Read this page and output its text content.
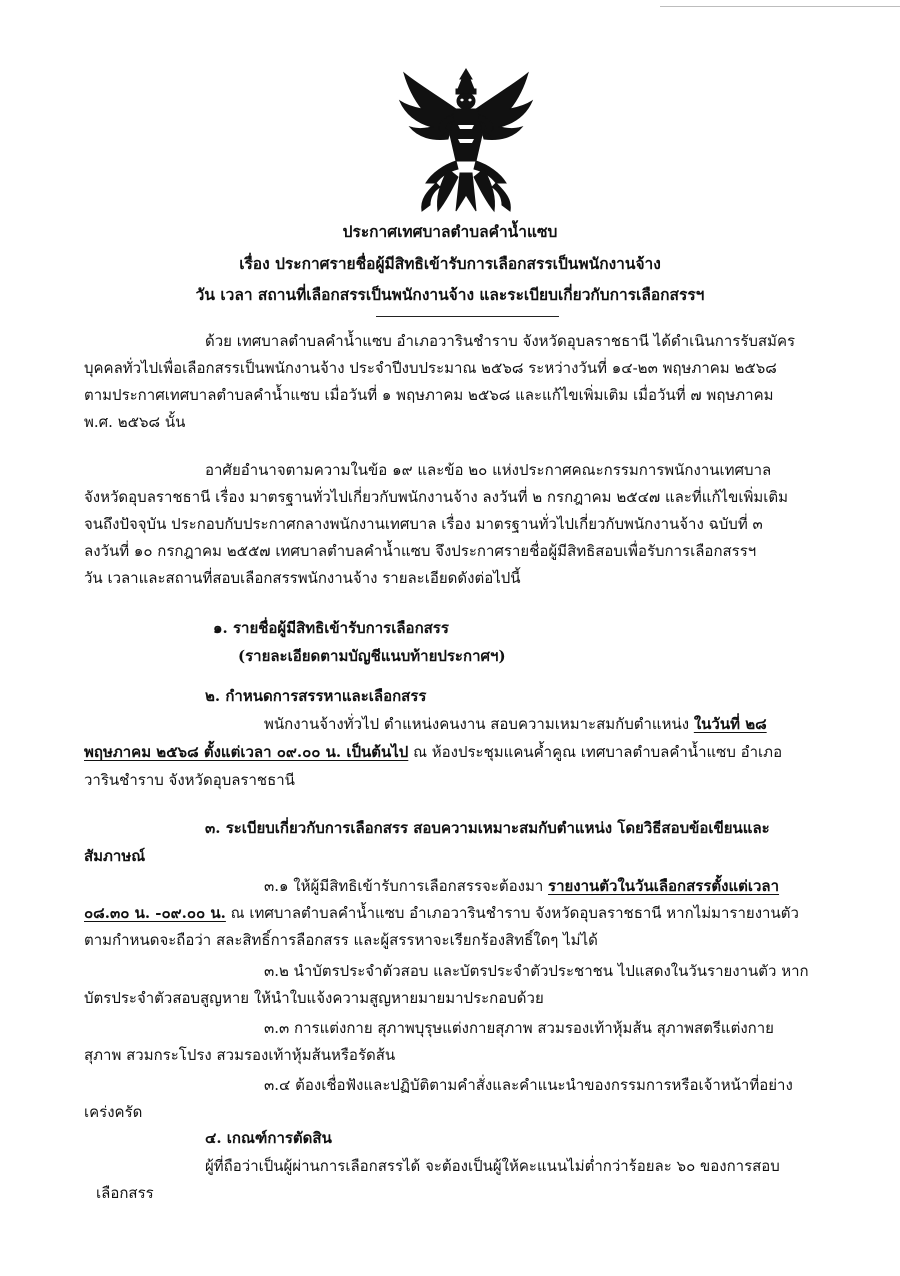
ประกาศเทศบาลตำบลคำน้ำแซบ
เรื่อง ประกาศรายชื่อผู้มีสิทธิเข้ารับการเลือกสรรเป็นพนักงานจ้าง
วัน เวลา สถานที่เลือกสรรเป็นพนักงานจ้าง และระเบียบเกี่ยวกับการเลือกสรรฯ
ด้วย เทศบาลตำบลคำน้ำแซบ อำเภอวารินชำราบ จังหวัดอุบลราชธานี ได้ดำเนินการรับสมัคร
บุคคลทั่วไปเพื่อเลือกสรรเป็นพนักงานจ้าง ประจำปีงบประมาณ ๒๕๖๘ ระหว่างวันที่ ๑๔-๒๓ พฤษภาคม ๒๕๖๘
ตามประกาศเทศบาลตำบลคำน้ำแซบ เมื่อวันที่ ๑ พฤษภาคม ๒๕๖๘ และแก้ไขเพิ่มเติม เมื่อวันที่ ๗ พฤษภาคม
พ.ศ. ๒๕๖๘ นั้น
อาศัยอำนาจตามความในข้อ ๑๙ และข้อ ๒๐ แห่งประกาศคณะกรรมการพนักงานเทศบาล
จังหวัดอุบลราชธานี เรื่อง มาตรฐานทั่วไปเกี่ยวกับพนักงานจ้าง ลงวันที่ ๒ กรกฎาคม ๒๕๔๗ และที่แก้ไขเพิ่มเติม
จนถึงปัจจุบัน ประกอบกับประกาศกลางพนักงานเทศบาล เรื่อง มาตรฐานทั่วไปเกี่ยวกับพนักงานจ้าง ฉบับที่ ๓
ลงวันที่ ๑๐ กรกฎาคม ๒๕๕๗ เทศบาลตำบลคำน้ำแซบ จึงประกาศรายชื่อผู้มีสิทธิสอบเพื่อรับการเลือกสรรฯ
วัน เวลาและสถานที่สอบเลือกสรรพนักงานจ้าง รายละเอียดดังต่อไปนี้
๑. รายชื่อผู้มีสิทธิเข้ารับการเลือกสรร
(รายละเอียดตามบัญชีแนบท้ายประกาศฯ)
๒. กำหนดการสรรหาและเลือกสรร
พนักงานจ้างทั่วไป ตำแหน่งคนงาน สอบความเหมาะสมกับตำแหน่ง ในวันที่ ๒๘
พฤษภาคม ๒๕๖๘ ตั้งแต่เวลา ๐๙.๐๐ น. เป็นต้นไป ณ ห้องประชุมแคนค้ำคูณ เทศบาลตำบลคำน้ำแซบ อำเภอ
วารินชำราบ จังหวัดอุบลราชธานี
๓. ระเบียบเกี่ยวกับการเลือกสรร สอบความเหมาะสมกับตำแหน่ง โดยวิธีสอบข้อเขียนและ
สัมภาษณ์
๓.๑ ให้ผู้มีสิทธิเข้ารับการเลือกสรรจะต้องมา รายงานตัวในวันเลือกสรรตั้งแต่เวลา
๐๘.๓๐ น. -๐๙.๐๐ น. ณ เทศบาลตำบลคำน้ำแซบ อำเภอวารินชำราบ จังหวัดอุบลราชธานี หากไม่มารายงานตัว
ตามกำหนดจะถือว่า สละสิทธิ์การลือกสรร และผู้สรรหาจะเรียกร้องสิทธิ์ใดๆ ไม่ได้
๓.๒ นำบัตรประจำตัวสอบ และบัตรประจำตัวประชาชน ไปแสดงในวันรายงานตัว หาก
บัตรประจำตัวสอบสูญหาย ให้นำใบแจ้งความสูญหายมายมาประกอบด้วย
๓.๓ การแต่งกาย สุภาพบุรุษแต่งกายสุภาพ สวมรองเท้าหุ้มส้น สุภาพสตรีแต่งกาย
สุภาพ สวมกระโปรง สวมรองเท้าหุ้มส้นหรือรัดส้น
๓.๔ ต้องเชื่อฟังและปฏิบัติตามคำสั่งและคำแนะนำของกรรมการหรือเจ้าหน้าที่อย่าง
เคร่งครัด
๔. เกณฑ์การตัดสิน
ผู้ที่ถือว่าเป็นผู้ผ่านการเลือกสรรได้ จะต้องเป็นผู้ให้คะแนนไม่ต่ำกว่าร้อยละ ๖๐ ของการสอบ
เลือกสรร
